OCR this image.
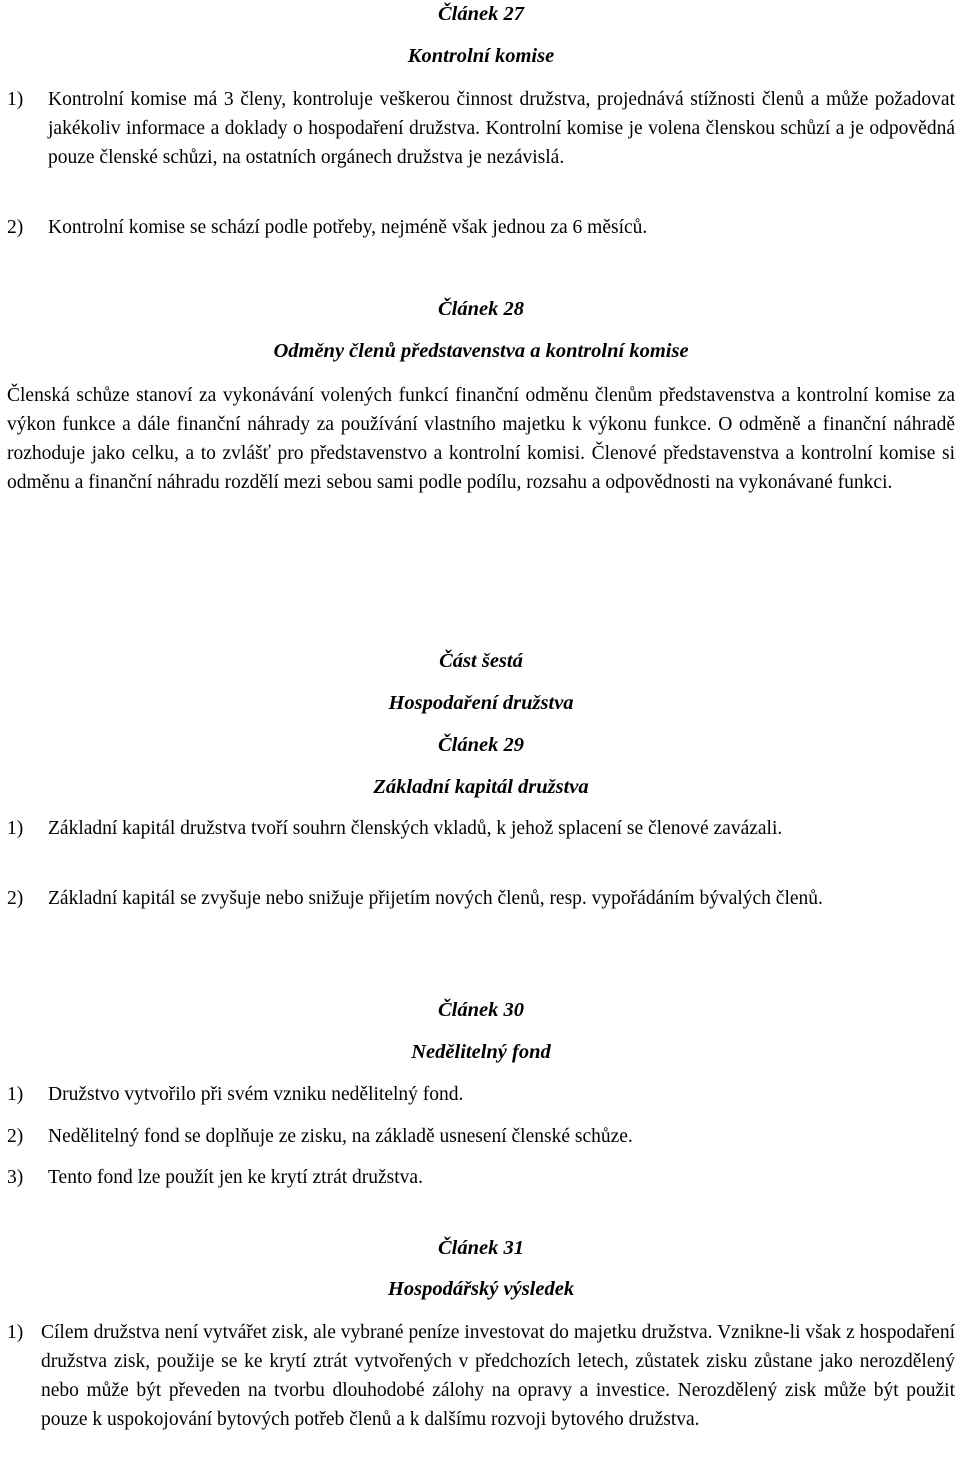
Článek 27
Kontrolní komise
1)	Kontrolní komise má 3 členy, kontroluje veškerou činnost družstva, projednává stížnosti členů a může požadovat jakékoliv informace a doklady o hospodaření družstva. Kontrolní komise je volena členskou schůzí a je odpovědná pouze členské schůzi, na ostatních orgánech družstva je nezávislá.
2)	Kontrolní komise se schází podle potřeby, nejméně však jednou za 6 měsíců.
Článek 28
Odměny členů představenstva a kontrolní komise
Členská schůze stanoví za vykonávání volených funkcí finanční odměnu členům představenstva a kontrolní komise za výkon funkce a dále finanční náhrady za používání vlastního majetku k výkonu funkce. O odměně a finanční náhradě rozhoduje jako celku, a to zvlášť pro představenstvo a kontrolní komisi. Členové představenstva a kontrolní komise si odměnu a finanční náhradu rozdělí mezi sebou sami podle podílu, rozsahu a odpovědnosti na vykonávané funkci.
Část šestá
Hospodaření družstva
Článek 29
Základní kapitál družstva
1)	Základní kapitál družstva tvoří souhrn členských vkladů, k jehož splacení se členové zavázali.
2)	Základní kapitál se zvyšuje nebo snižuje přijetím nových členů, resp. vypořádáním bývalých členů.
Článek 30
Nedělitelný fond
1)	Družstvo vytvořilo při svém vzniku nedělitelný fond.
2)	Nedělitelný fond se doplňuje ze zisku, na základě usnesení členské schůze.
3)	Tento fond lze použít jen ke krytí ztrát družstva.
Článek 31
Hospodářský výsledek
1) Cílem družstva není vytvářet zisk, ale vybrané peníze investovat do majetku družstva. Vznikne-li však z hospodaření družstva zisk, použije se ke krytí ztrát vytvořených v předchozích letech, zůstatek zisku zůstane jako nerozdělený nebo může být převeden na tvorbu dlouhodobé zálohy na opravy a investice. Nerozdělený zisk může být použit pouze k uspokojování bytových potřeb členů a k dalšímu rozvoji bytového družstva.
